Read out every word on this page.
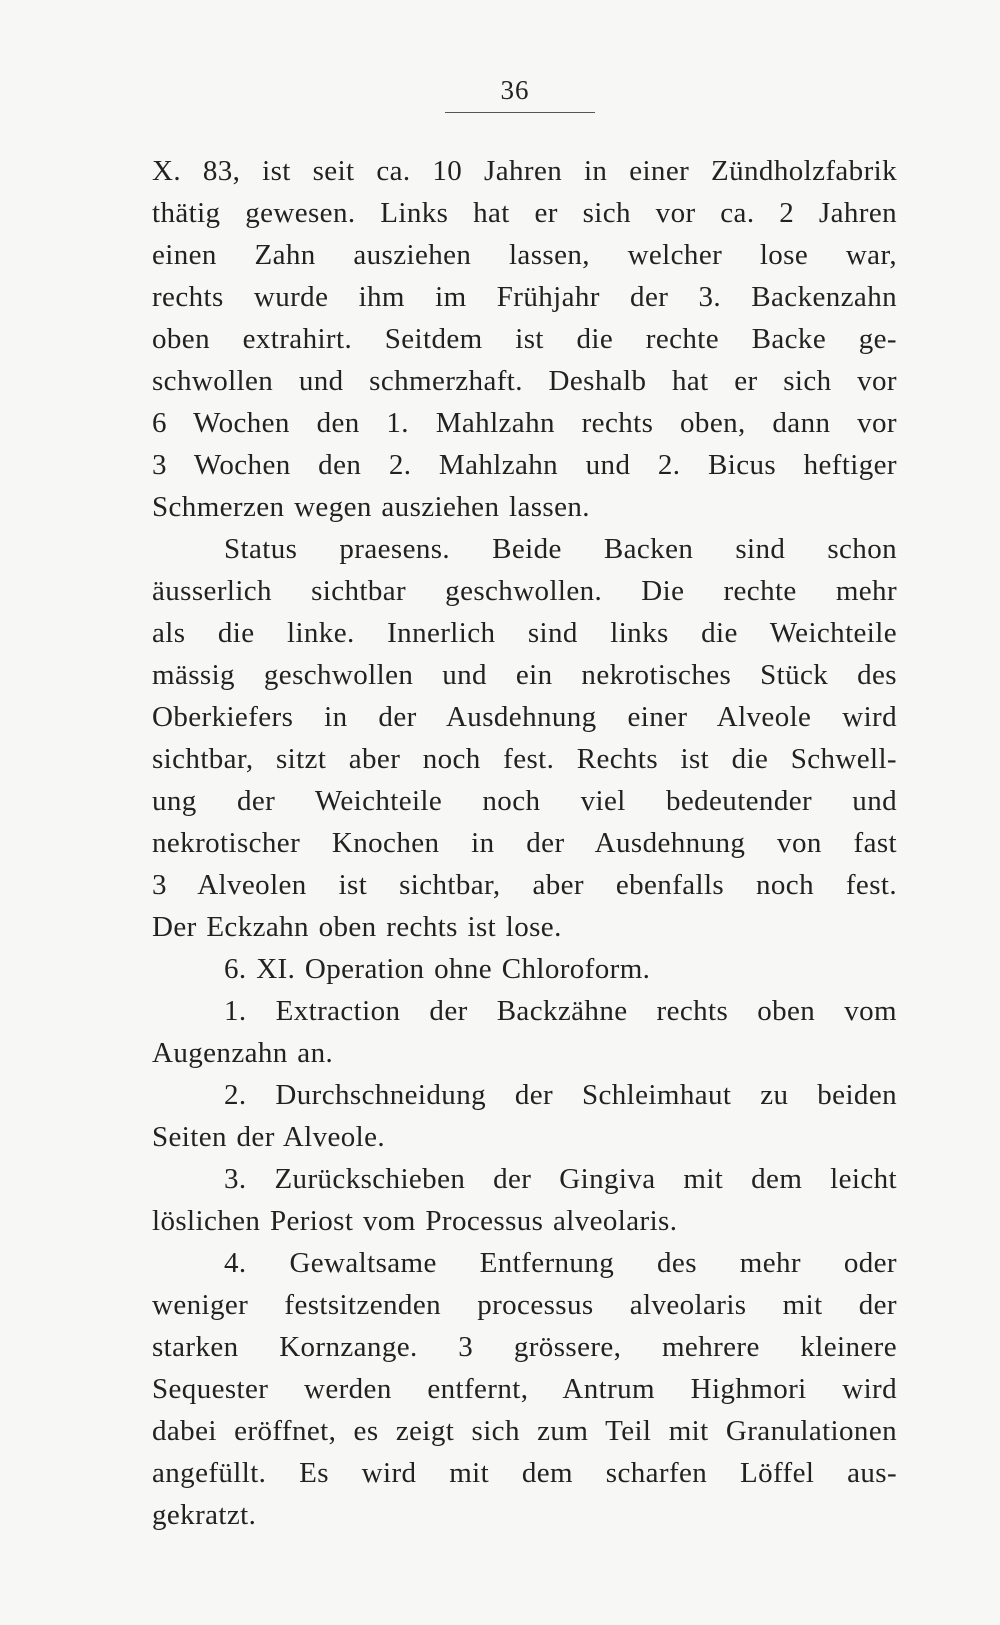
36
X. 83, ist seit ca. 10 Jahren in einer Zündholzfabrik
thätig gewesen. Links hat er sich vor ca. 2 Jahren
einen Zahn ausziehen lassen, welcher lose war,
rechts wurde ihm im Frühjahr der 3. Backenzahn
oben extrahirt. Seitdem ist die rechte Backe ge-
schwollen und schmerzhaft. Deshalb hat er sich vor
6 Wochen den 1. Mahlzahn rechts oben, dann vor
3 Wochen den 2. Mahlzahn und 2. Bicus heftiger
Schmerzen wegen ausziehen lassen.
Status praesens. Beide Backen sind schon
äusserlich sichtbar geschwollen. Die rechte mehr
als die linke. Innerlich sind links die Weichteile
mässig geschwollen und ein nekrotisches Stück des
Oberkiefers in der Ausdehnung einer Alveole wird
sichtbar, sitzt aber noch fest. Rechts ist die Schwell-
ung der Weichteile noch viel bedeutender und
nekrotischer Knochen in der Ausdehnung von fast
3 Alveolen ist sichtbar, aber ebenfalls noch fest.
Der Eckzahn oben rechts ist lose.
6. XI. Operation ohne Chloroform.
1. Extraction der Backzähne rechts oben vom
Augenzahn an.
2. Durchschneidung der Schleimhaut zu beiden
Seiten der Alveole.
3. Zurückschieben der Gingiva mit dem leicht
löslichen Periost vom Processus alveolaris.
4. Gewaltsame Entfernung des mehr oder
weniger festsitzenden processus alveolaris mit der
starken Kornzange. 3 grössere, mehrere kleinere
Sequester werden entfernt, Antrum Highmori wird
dabei eröffnet, es zeigt sich zum Teil mit Granulationen
angefüllt. Es wird mit dem scharfen Löffel aus-
gekratzt.
